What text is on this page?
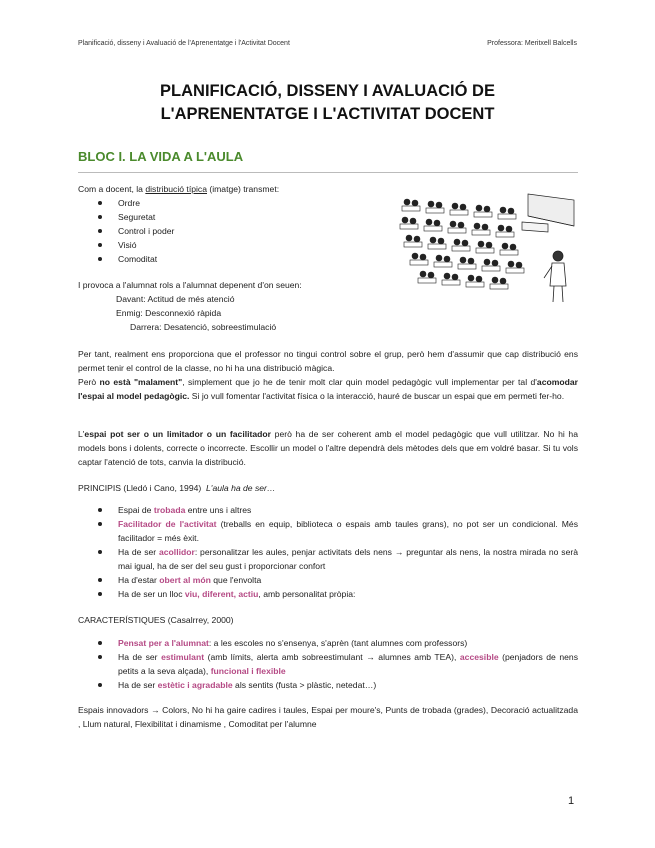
Planificació, disseny i Avaluació de l'Aprenentatge i l'Activitat Docent	Professora: Meritxell Balcells
PLANIFICACIÓ, DISSENY I AVALUACIÓ DE
L'APRENENTATGE I L'ACTIVITAT DOCENT
BLOC I. LA VIDA A L'AULA
Com a docent, la distribució típica (imatge) transmet:
Ordre
Seguretat
Control i poder
Visió
Comoditat
I provoca a l'alumnat rols a l'alumnat depenent d'on seuen:
Davant: Actitud de més atenció
Enmig: Desconnexió ràpida
Darrera: Desatenció, sobreestimulació
Per tant, realment ens proporciona que el professor no tingui control sobre el grup, però hem d'assumir que cap distribució ens permet tenir el control de la classe, no hi ha una distribució màgica.
Però no està "malament", simplement que jo he de tenir molt clar quin model pedagògic vull implementar per tal d'acomodar l'espai al model pedagògic. Si jo vull fomentar l'activitat física o la interacció, hauré de buscar un espai que em permeti fer-ho.
L'espai pot ser o un limitador o un facilitador però ha de ser coherent amb el model pedagògic que vull utilitzar. No hi ha models bons i dolents, correcte o incorrecte. Escollir un model o l'altre dependrà dels mètodes dels que em voldré basar. Si tu vols captar l'atenció de tots, canvia la distribució.
PRINCIPIS (Lledó i Cano, 1994) L'aula ha de ser…
Espai de trobada entre uns i altres
Facilitador de l'activitat (treballs en equip, biblioteca o espais amb taules grans), no pot ser un condicional. Més facilitador = més èxit.
Ha de ser acollidor: personalitzar les aules, penjar activitats dels nens → preguntar als nens, la nostra mirada no serà mai igual, ha de ser del seu gust i proporcionar confort
Ha d'estar obert al món que l'envolta
Ha de ser un lloc viu, diferent, actiu, amb personalitat pròpia:
CARACTERÍSTIQUES (Casalrrey, 2000)
Pensat per a l'alumnat: a les escoles no s'ensenya, s'aprèn (tant alumnes com professors)
Ha de ser estimulant (amb límits, alerta amb sobreestimulant → alumnes amb TEA), accesible (penjadors de nens petits a la seva alçada), funcional i flexible
Ha de ser estètic i agradable als sentits (fusta > plàstic, netedat…)
Espais innovadors → Colors, No hi ha gaire cadires i taules, Espai per moure's, Punts de trobada (grades), Decoració actualitzada , Llum natural, Flexibilitat i dinamisme , Comoditat per l'alumne
1
